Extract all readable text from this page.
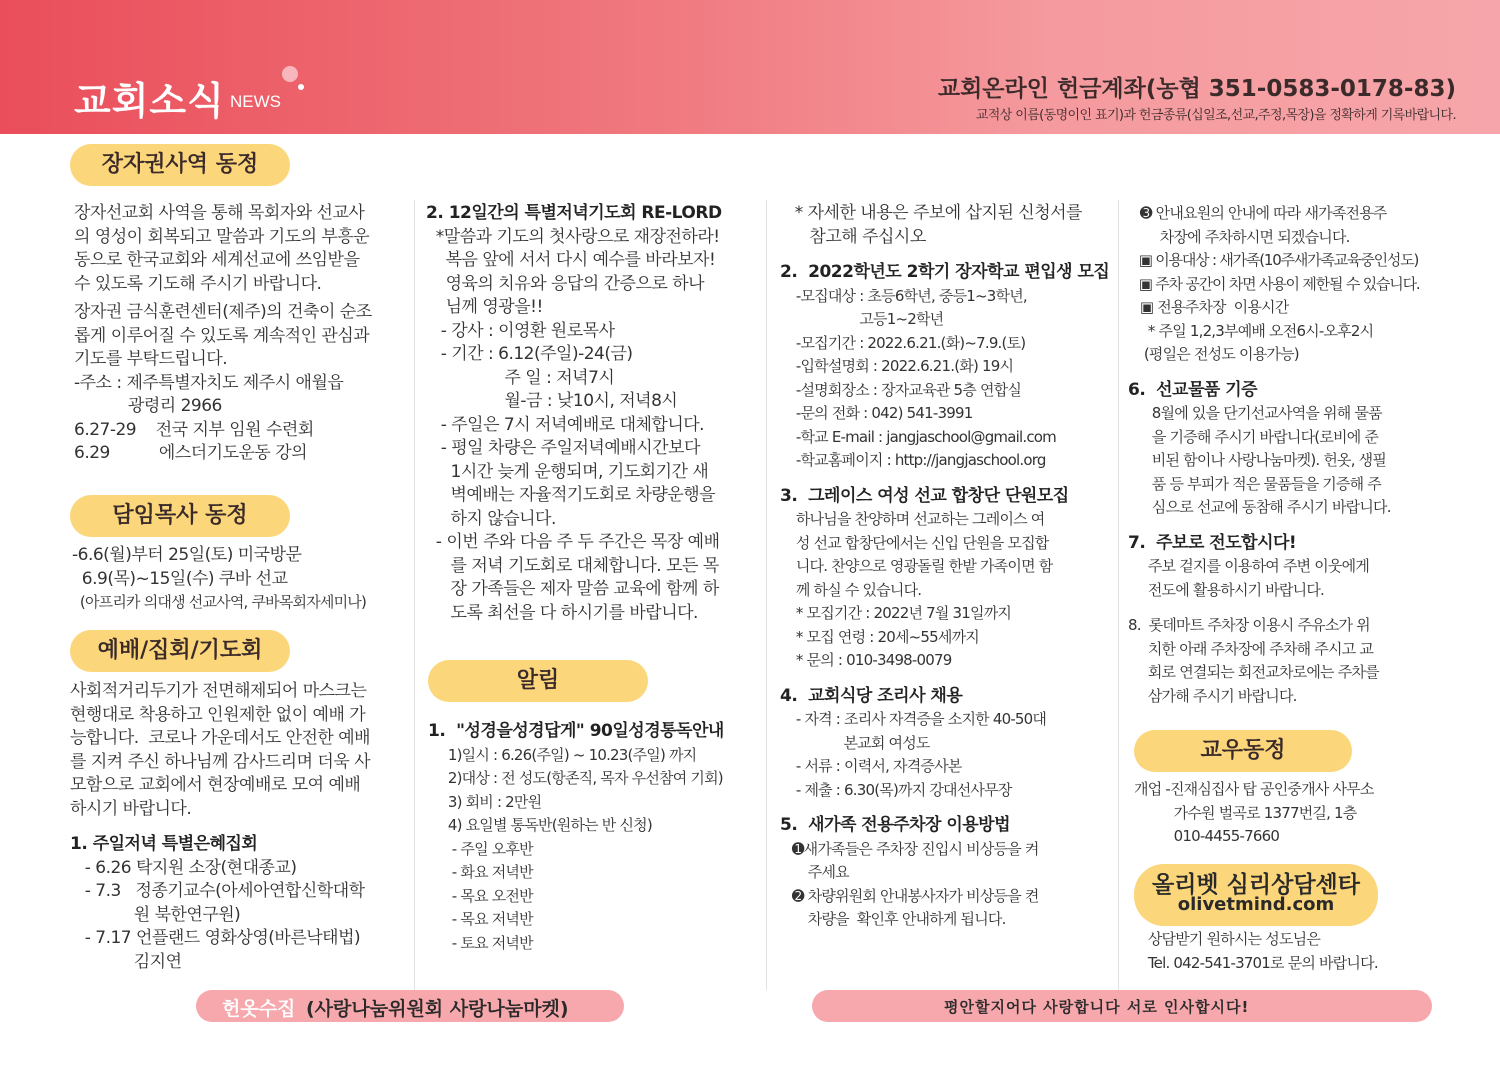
교회소식 NEWS	교회온라인 헌금계좌(농협 351-0583-0178-83)
교적상 이름(동명이인 표기)과 헌금종류(십일조,선교,주정,목장)을 정확하게 기록바랍니다.
장자권사역 동정
장자선교회 사역을 통해 목회자와 선교사
의 영성이 회복되고 말씀과 기도의 부흥운
동으로 한국교회와 세계선교에 쓰임받을
수 있도록 기도해 주시기 바랍니다.
장자권 금식훈련센터(제주)의 건축이 순조
롭게 이루어질 수 있도록 계속적인 관심과
기도를 부탁드립니다.
-주소 : 제주특별자치도 제주시 애월읍
광령리 2966
6.27-29    전국 지부 임원 수련회
6.29          에스더기도운동 강의
담임목사 동정
-6.6(월)부터 25일(토) 미국방문
6.9(목)~15일(수) 쿠바 선교
(아프리카 의대생 선교사역, 쿠바목회자세미나)
예배/집회/기도회
사회적거리두기가 전면해제되어 마스크는
현행대로 착용하고 인원제한 없이 예배 가
능합니다.  코로나 가운데서도 안전한 예배
를 지켜 주신 하나님께 감사드리며 더욱 사
모함으로 교회에서 현장예배로 모여 예배
하시기 바랍니다.
1. 주일저녁 특별은혜집회
- 6.26 탁지원 소장(현대종교)
- 7.3   정종기교수(아세아연합신학대학
원 북한연구원)
- 7.17 언플랜드 영화상영(바른낙태법)
김지연
2. 12일간의 특별저녁기도회 RE-LORD
*말씀과 기도의 첫사랑으로 재장전하라!
복음 앞에 서서 다시 예수를 바라보자!
영육의 치유와 응답의 간증으로 하나
님께 영광을!!
- 강사 : 이영환 원로목사
- 기간 : 6.12(주일)-24(금)
주 일 : 저녁7시
월-금 : 낮10시, 저녁8시
- 주일은 7시 저녁예배로 대체합니다.
- 평일 차량은 주일저녁예배시간보다
1시간 늦게 운행되며, 기도회기간 새
벽예배는 자율적기도회로 차량운행을
하지 않습니다.
- 이번 주와 다음 주 두 주간은 목장 예배
를 저녁 기도회로 대체합니다. 모든 목
장 가족들은 제자 말씀 교육에 함께 하
도록 최선을 다 하시기를 바랍니다.
알림
1.  "성경을성경답게" 90일성경통독안내
1)일시 : 6.26(주일) ~ 10.23(주일) 까지
2)대상 : 전 성도(항존직, 목자 우선참여 기회)
3) 회비 : 2만원
4) 요일별 통독반(원하는 반 신청)
- 주일 오후반
- 화요 저녁반
- 목요 오전반
- 목요 저녁반
- 토요 저녁반
* 자세한 내용은 주보에 삽지된 신청서를
참고해 주십시오
2.  2022학년도 2학기 장자학교 편입생 모집
-모집대상 : 초등6학년, 중등1~3학년,
고등1~2학년
-모집기간 : 2022.6.21.(화)~7.9.(토)
-입학설명회 : 2022.6.21.(화) 19시
-설명회장소 : 장자교육관 5층 연합실
-문의 전화 : 042) 541-3991
-학교 E-mail : jangjaschool@gmail.com
-학교홈페이지 : http://jangjaschool.org
3.  그레이스 여성 선교 합창단 단원모집
하나님을 찬양하며 선교하는 그레이스 여
성 선교 합창단에서는 신입 단원을 모집합
니다. 찬양으로 영광돌릴 한밭 가족이면 함
께 하실 수 있습니다.
* 모집기간 : 2022년 7월 31일까지
* 모집 연령 : 20세~55세까지
* 문의 : 010-3498-0079
4.  교회식당 조리사 채용
- 자격 : 조리사 자격증을 소지한 40-50대
본교회 여성도
- 서류 : 이력서, 자격증사본
- 제출 : 6.30(목)까지 강대선사무장
5.  새가족 전용주차장 이용방법
➊새가족들은 주차장 진입시 비상등을 켜
주세요
➋ 차량위원회 안내봉사자가 비상등을 켠
차량을  확인후 안내하게 됩니다.
➌ 안내요원의 안내에 따라 새가족전용주
차장에 주차하시면 되겠습니다.
▣ 이용대상 : 새가족(10주새가족교육중인성도)
▣ 주차 공간이 차면 사용이 제한될 수 있습니다.
▣ 전용주차장  이용시간
* 주일 1,2,3부예배 오전6시-오후2시
(평일은 전성도 이용가능)
6.  선교물품 기증
8월에 있을 단기선교사역을 위해 물품
을 기증해 주시기 바랍니다(로비에 준
비된 함이나 사랑나눔마켓). 헌옷, 생필
품 등 부피가 적은 물품들을 기증해 주
심으로 선교에 동참해 주시기 바랍니다.
7.  주보로 전도합시다!
주보 겉지를 이용하여 주변 이웃에게
전도에 활용하시기 바랍니다.
8.  롯데마트 주차장 이용시 주유소가 위
치한 아래 주차장에 주차해 주시고 교
회로 연결되는 회전교차로에는 주차를
삼가해 주시기 바랍니다.
교우동정
개업 -진재심집사 탑 공인중개사 사무소
가수원 벌곡로 1377번길, 1층
010-4455-7660
올리벳 심리상담센타
olivetmind.com
상담받기 원하시는 성도님은
Tel. 042-541-3701로 문의 바랍니다.
헌옷수집 (사랑나눔위원회 사랑나눔마켓)	평안할지어다 사랑합니다 서로 인사합시다!
